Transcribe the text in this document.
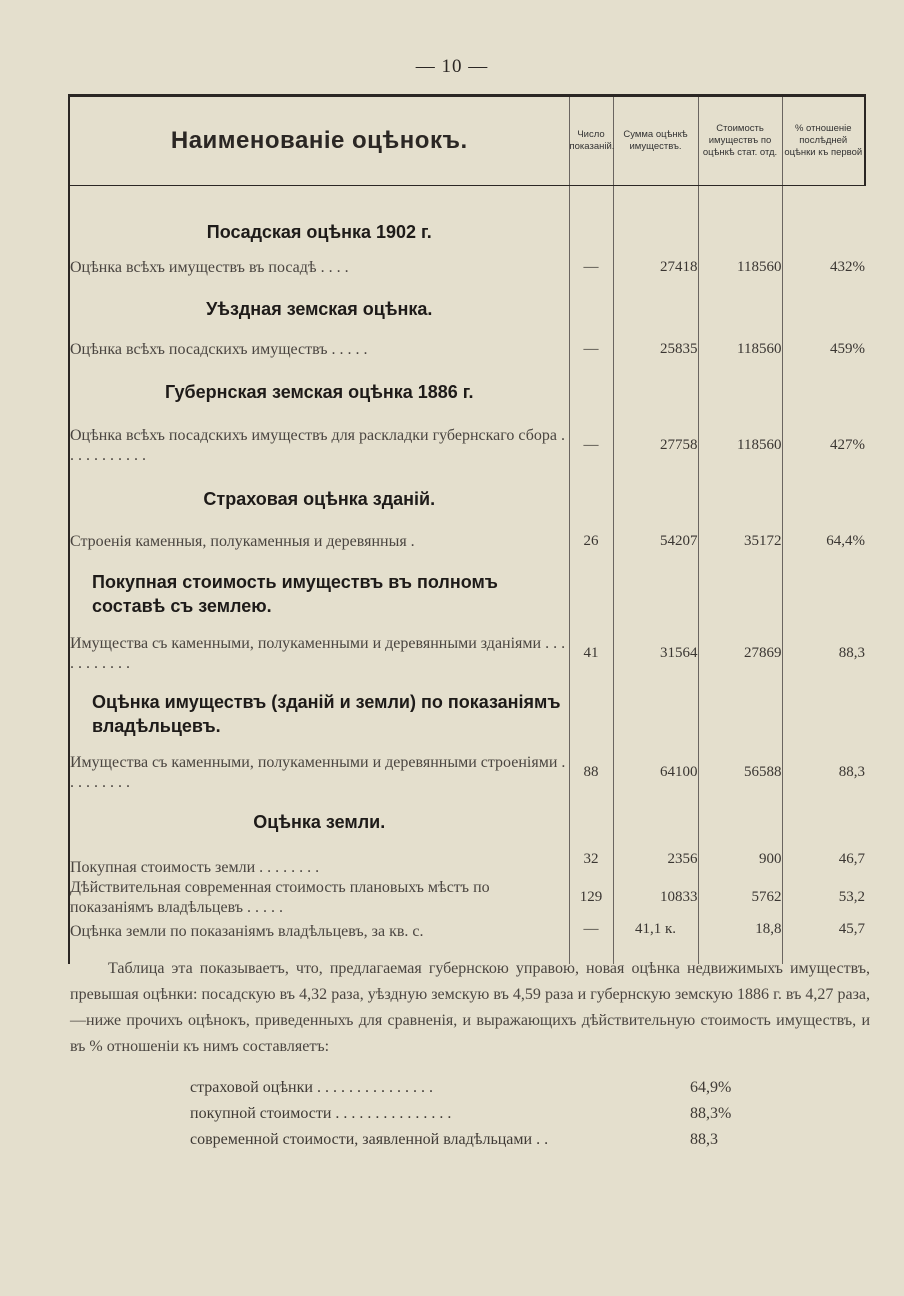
— 10 —
Наименованіе оцѣнокъ.	Число показаній.	Сумма оцѣнкѣ имуществъ.	Стоимость имуществъ по оцѣнкѣ стат. отд.	% отношеніе послѣдней оцѣнки къ первой
Посадская оцѣнка 1902 г.				
Оцѣнка всѣхъ имуществъ въ посадѣ . . . .	—	27418	118560	432%
Уѣздная земская оцѣнка.				
Оцѣнка всѣхъ посадскихъ имуществъ . . . . .	—	25835	118560	459%
Губернская земская оцѣнка 1886 г.				
Оцѣнка всѣхъ посадскихъ имуществъ для раскладки губернскаго сбора . . . . . . . . . . .	—	27758	118560	427%
Страховая оцѣнка зданій.				
Строенія каменныя, полукаменныя и деревянныя .	26	54207	35172	64,4%
Покупная стоимость имуществъ въ полномъ составѣ съ землею.				
Имущества съ каменными, полукаменными и деревянными зданіями . . . . . . . . . . .	41	31564	27869	88,3
Оцѣнка имуществъ (зданій и земли) по показаніямъ владѣльцевъ.				
Имущества съ каменными, полукаменными и деревянными строеніями . . . . . . . . .	88	64100	56588	88,3
Оцѣнка земли.				
Покупная стоимость земли . . . . . . . .	32	2356	900	46,7
Дѣйствительная современная стоимость плановыхъ мѣстъ по показаніямъ владѣльцевъ . . . . .	129	10833	5762	53,2
Оцѣнка земли по показаніямъ владѣльцевъ, за кв. с.	—	41,1 к.	18,8	45,7

Таблица эта показываетъ, что, предлагаемая губернскою управою, новая оцѣнка недвижимыхъ имуществъ, превышая оцѣнки: посадскую въ 4,32 раза, уѣздную земскую въ 4,59 раза и губернскую земскую 1886 г. въ 4,27 раза,—ниже прочихъ оцѣнокъ, приведенныхъ для сравненія, и выражающихъ дѣйствительную стоимость имуществъ, и въ % отношеніи къ нимъ составляетъ:

страховой оцѣнки . . . . . . . . . . . . . . .	64,9%
покупной стоимости . . . . . . . . . . . . . . .	88,3%
современной стоимости, заявленной владѣльцами . .	88,3
